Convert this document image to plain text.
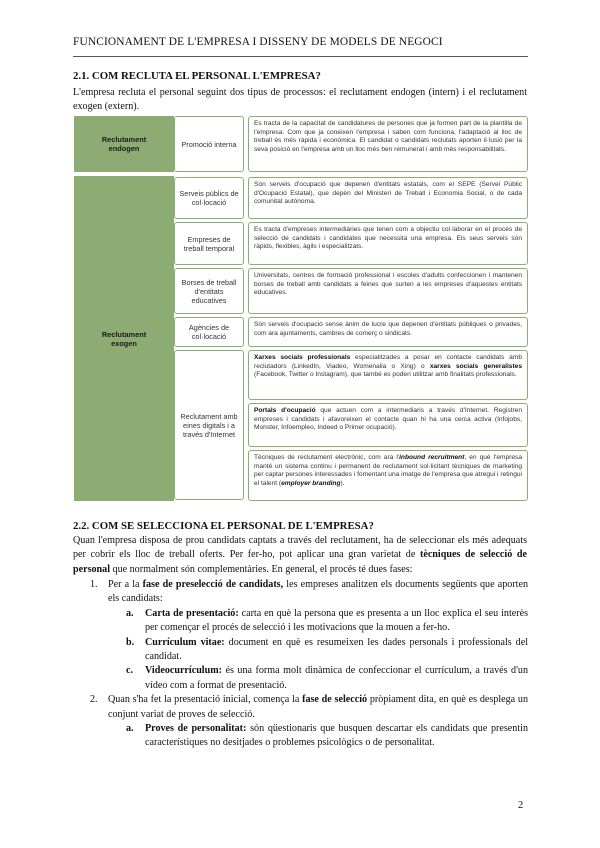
FUNCIONAMENT DE L'EMPRESA I DISSENY DE MODELS DE NEGOCI
2.1. COM RECLUTA EL PERSONAL L'EMPRESA?
L'empresa recluta el personal seguint dos tipus de processos: el reclutament endogen (intern) i el reclutament exogen (extern).
Reclutament endogen
Reclutament exogen
Promoció interna
Es tracta de la capacitat de candidatures de persones que ja formen part de la plantilla de l'empresa. Com que ja coneixen l'empresa i saben com funciona, l'adaptació al lloc de treball és més ràpida i econòmica. El candidat o candidats reclutats aporten il·lusió per la seva posició en l'empresa amb un lloc més ben remunerat i amb més responsabilitats.
Serveis públics de col·locació
Són serveis d'ocupació que depenen d'entitats estatals, com el SEPE (Servei Públic d'Ocupació Estatal), que depèn del Ministeri de Treball i Economia Social, o de cada comunitat autònoma.
Empreses de treball temporal
Es tracta d'empreses intermediàries que tenen com a objectiu col·laborar en el procés de selecció de candidats i candidates que necessita una empresa. Els seus serveis són ràpids, flexibles, àgils i especialitzats.
Borses de treball d'entitats educatives
Universitats, centres de formació professional i escoles d'adults confeccionen i mantenen borses de treball amb candidats a feines que surten a les empreses d'aquestes entitats educatives.
Agències de col·locació
Són serveis d'ocupació sense ànim de lucre que depenen d'entitats públiques o privades, com ara ajuntaments, cambres de comerç o sindicats.
Reclutament amb eines digitals i a través d'Internet
Xarxes socials professionals especialitzades a posar en contacte candidats amb reclutadors (LinkedIn, Viadeo, Womenalia o Xing) o xarxes socials generalistes (Facebook, Twitter o Instagram), que també es poden utilitzar amb finalitats professionals.
Portals d'ocupació que actuen com a intermediaris a través d'Internet. Registren empreses i candidats i afavoreixen el contacte quan hi ha una cerca activa (Infojobs, Monster, Infoempleo, Indeed o Primer ocupació).
Tècniques de reclutament electrònic, com ara l'inbound recruitment, en què l'empresa manté un sistema continu i permanent de reclutament sol·licitant tècniques de marketing per captar persones interessades i fomentant una imatge de l'empresa que atregui i retingui el talent (employer branding).
2.2. COM SE SELECCIONA EL PERSONAL DE L'EMPRESA?
Quan l'empresa disposa de prou candidats captats a través del reclutament, ha de seleccionar els més adequats per cobrir els lloc de treball oferts. Per fer-ho, pot aplicar una gran varietat de tècniques de selecció de personal que normalment són complementàries. En general, el procés té dues fases:
1. Per a la fase de preselecció de candidats, les empreses analitzen els documents següents que aporten els candidats:
a. Carta de presentació: carta en què la persona que es presenta a un lloc explica el seu interès per començar el procés de selecció i les motivacions que la mouen a fer-ho.
b. Currículum vitae: document en què es resumeixen les dades personals i professionals del candidat.
c. Videocurrículum: és una forma molt dinàmica de confeccionar el currículum, a través d'un vídeo com a format de presentació.
2. Quan s'ha fet la presentació inicial, comença la fase de selecció pròpiament dita, en què es desplega un conjunt variat de proves de selecció.
a. Proves de personalitat: són qüestionaris que busquen descartar els candidats que presentin característiques no desitjades o problemes psicològics o de personalitat.
2
